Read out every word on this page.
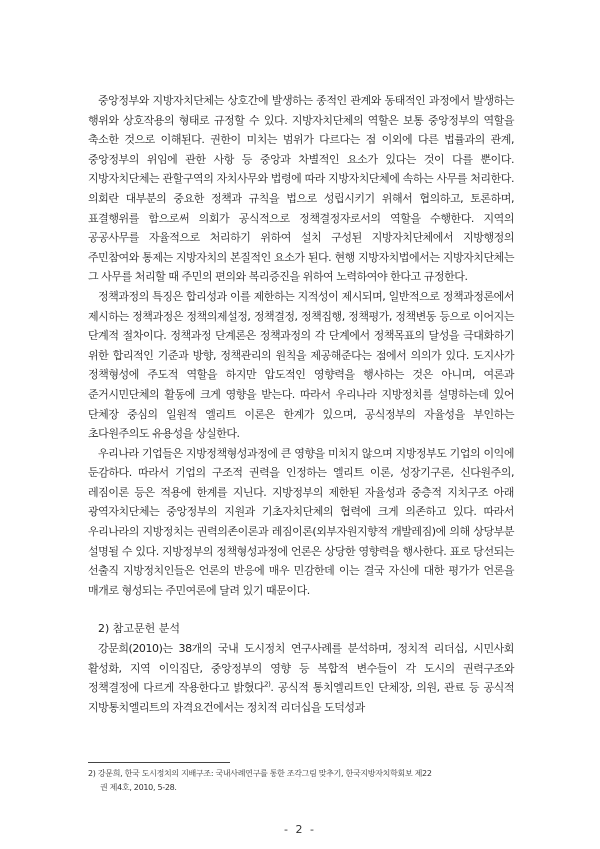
중앙정부와 지방자치단체는 상호간에 발생하는 종적인 관계와 동태적인 과정에서 발생하는 행위와 상호작용의 형태로 규정할 수 있다. 지방자치단체의 역할은 보통 중앙정부의 역할을 축소한 것으로 이해된다. 권한이 미치는 범위가 다르다는 점 이외에 다른 법률과의 관계, 중앙정부의 위임에 관한 사항 등 중앙과 차별적인 요소가 있다는 것이 다를 뿐이다. 지방자치단체는 관할구역의 자치사무와 법령에 따라 지방자치단체에 속하는 사무를 처리한다. 의회란 대부분의 중요한 정책과 규칙을 법으로 성립시키기 위해서 협의하고, 토론하며, 표결행위를 함으로써 의회가 공식적으로 정책결정자로서의 역할을 수행한다. 지역의 공공사무를 자율적으로 처리하기 위하여 설치 구성된 지방자치단체에서 지방행정의 주민참여와 통제는 지방자치의 본질적인 요소가 된다. 현행 지방자치법에서는 지방자치단체는 그 사무를 처리할 때 주민의 편의와 복리증진을 위하여 노력하여야 한다고 규정한다.

정책과정의 특징은 합리성과 이를 제한하는 지적성이 제시되며, 일반적으로 정책과정론에서 제시하는 정책과정은 정책의제설정, 정책결정, 정책집행, 정책평가, 정책변동 등으로 이어지는 단계적 절차이다. 정책과정 단계론은 정책과정의 각 단계에서 정책목표의 달성을 극대화하기 위한 합리적인 기준과 방향, 정책관리의 원칙을 제공해준다는 점에서 의의가 있다. 도지사가 정책형성에 주도적 역할을 하지만 압도적인 영향력을 행사하는 것은 아니며, 여론과 준거시민단체의 활동에 크게 영향을 받는다. 따라서 우리나라 지방정치를 설명하는데 있어 단체장 중심의 일원적 엘리트 이론은 한계가 있으며, 공식정부의 자율성을 부인하는 초다원주의도 유용성을 상실한다.

우리나라 기업들은 지방정책형성과정에 큰 영향을 미치지 않으며 지방정부도 기업의 이익에 둔감하다. 따라서 기업의 구조적 권력을 인정하는 엘리트 이론, 성장기구론, 신다원주의, 레짐이론 등은 적용에 한계를 지닌다. 지방정부의 제한된 자율성과 중층적 지치구조 아래 광역자치단체는 중앙정부의 지원과 기초자치단체의 협력에 크게 의존하고 있다. 따라서 우리나라의 지방정치는 권력의존이론과 레짐이론(외부자원지향적 개발레짐)에 의해 상당부분 설명될 수 있다. 지방정부의 정책형성과정에 언론은 상당한 영향력을 행사한다. 표로 당선되는 선출직 지방정치인들은 언론의 반응에 매우 민감한데 이는 결국 자신에 대한 평가가 언론을 매개로 형성되는 주민여론에 달려 있기 때문이다.

2) 참고문헌 분석

강문희(2010)는 38개의 국내 도시정치 연구사례를 분석하며, 정치적 리더십, 시민사회 활성화, 지역 이익집단, 중앙정부의 영향 등 복합적 변수들이 각 도시의 권력구조와 정책결정에 다르게 작용한다고 밝혔다$^{2)}$. 공식적 통치엘리트인 단체장, 의원, 관료 등 공식적 지방통치엘리트의 자격요건에서는 정치적 리더십을 도덕성과

2) 강문희, 한국 도시정치의 지배구조: 국내사례연구를 통한 조각그림 맞추기, 한국지방자치학회보 제22
권 제4호, 2010, 5-28.
- 2 -
